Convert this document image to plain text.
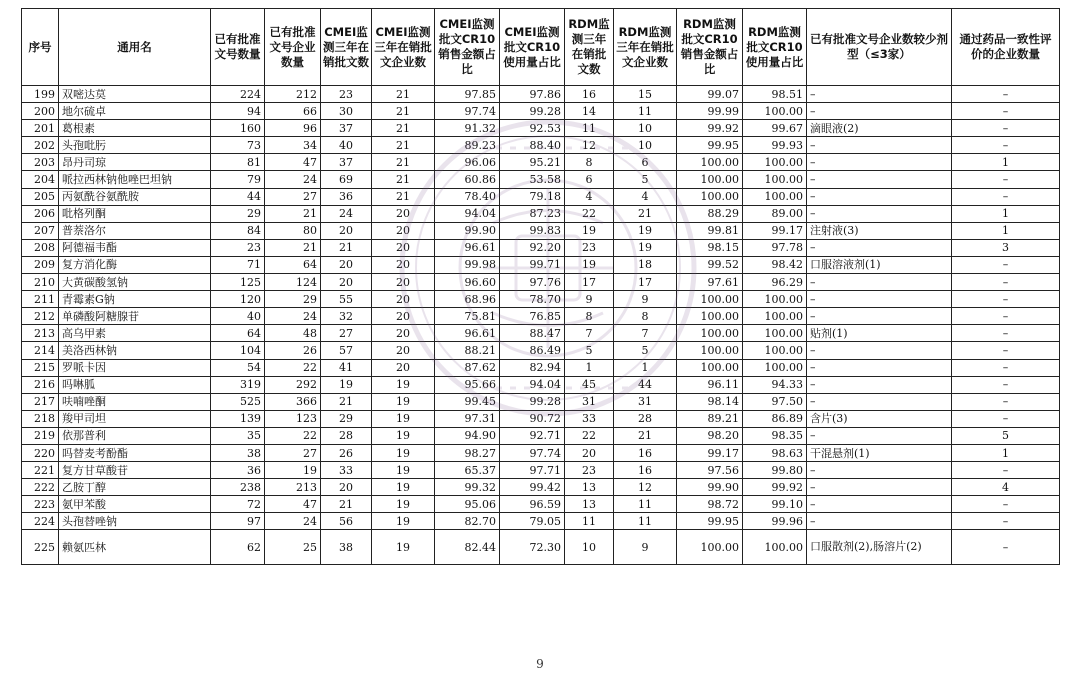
序号	通用名	已有批准文号数量	已有批准文号企业数量	CMEI监测三年在销批文数	CMEI监测三年在销批文企业数	CMEI监测批文CR10销售金额占比	CMEI监测批文CR10使用量占比	RDM监测三年在销批文数	RDM监测三年在销批文企业数	RDM监测批文CR10销售金额占比	RDM监测批文CR10使用量占比	已有批准文号企业数较少剂型（≤3家）	通过药品一致性评价的企业数量
199	双嘧达莫	224	212	23	21	97.85	97.86	16	15	99.07	98.51	–	–
200	地尔硫卓	94	66	30	21	97.74	99.28	14	11	99.99	100.00	–	–
201	葛根素	160	96	37	21	91.32	92.53	11	10	99.92	99.67	滴眼液(2)	–
202	头孢吡肟	73	34	40	21	89.23	88.40	12	10	99.95	99.93	–	–
203	昂丹司琼	81	47	37	21	96.06	95.21	8	6	100.00	100.00	–	1
204	哌拉西林钠他唑巴坦钠	79	24	69	21	60.86	53.58	6	5	100.00	100.00	–	–
205	丙氨酰谷氨酰胺	44	27	36	21	78.40	79.18	4	4	100.00	100.00	–	–
206	吡格列酮	29	21	24	20	94.04	87.23	22	21	88.29	89.00	–	1
207	普萘洛尔	84	80	20	20	99.90	99.83	19	19	99.81	99.17	注射液(3)	1
208	阿德福韦酯	23	21	21	20	96.61	92.20	23	19	98.15	97.78	–	3
209	复方消化酶	71	64	20	20	99.98	99.71	19	18	99.52	98.42	口服溶液剂(1)	–
210	大黄碳酸氢钠	125	124	20	20	96.60	97.76	17	17	97.61	96.29	–	–
211	青霉素G钠	120	29	55	20	68.96	78.70	9	9	100.00	100.00	–	–
212	单磷酸阿糖腺苷	40	24	32	20	75.81	76.85	8	8	100.00	100.00	–	–
213	高乌甲素	64	48	27	20	96.61	88.47	7	7	100.00	100.00	贴剂(1)	–
214	美洛西林钠	104	26	57	20	88.21	86.49	5	5	100.00	100.00	–	–
215	罗哌卡因	54	22	41	20	87.62	82.94	1	1	100.00	100.00	–	–
216	吗啉胍	319	292	19	19	95.66	94.04	45	44	96.11	94.33	–	–
217	呋喃唑酮	525	366	21	19	99.45	99.28	31	31	98.14	97.50	–	–
218	羧甲司坦	139	123	29	19	97.31	90.72	33	28	89.21	86.89	含片(3)	–
219	依那普利	35	22	28	19	94.90	92.71	22	21	98.20	98.35	–	5
220	吗替麦考酚酯	38	27	26	19	98.27	97.74	20	16	99.17	98.63	干混悬剂(1)	1
221	复方甘草酸苷	36	19	33	19	65.37	97.71	23	16	97.56	99.80	–	–
222	乙胺丁醇	238	213	20	19	99.32	99.42	13	12	99.90	99.92	–	4
223	氨甲苯酸	72	47	21	19	95.06	96.59	13	11	98.72	99.10	–	–
224	头孢替唑钠	97	24	56	19	82.70	79.05	11	11	99.95	99.96	–	–
225	赖氨匹林	62	25	38	19	82.44	72.30	10	9	100.00	100.00	口服散剂(2),肠溶片(2)	–
9
